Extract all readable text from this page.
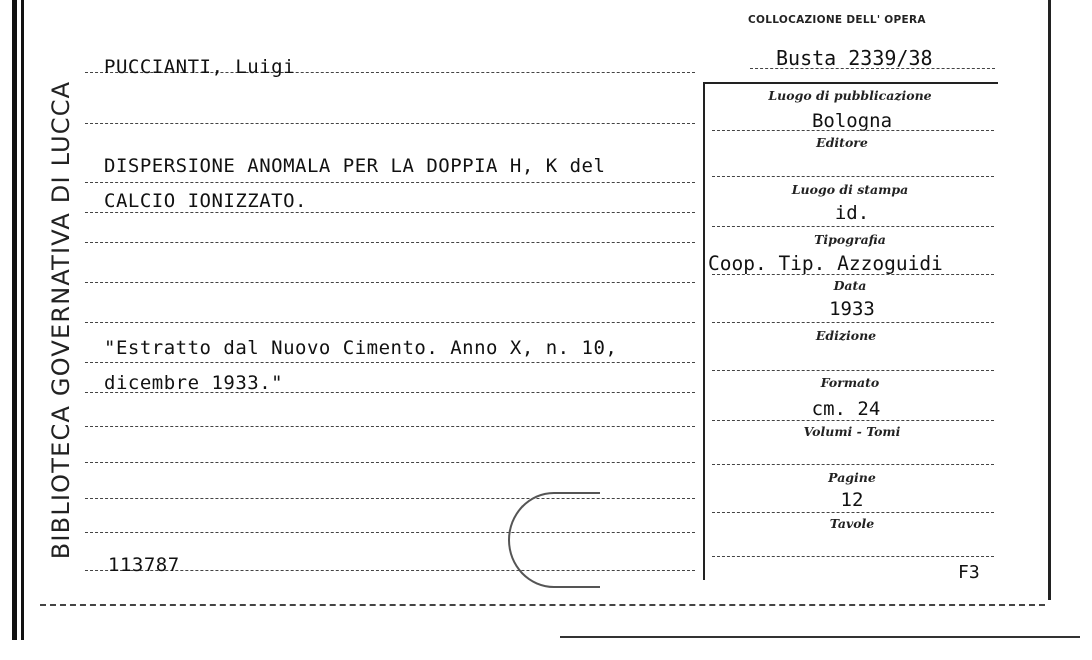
BIBLIOTECA GOVERNATIVA DI LUCCA
COLLOCAZIONE DELL' OPERA
Busta 2339/38
PUCCIANTI, Luigi
DISPERSIONE ANOMALA PER LA DOPPIA H, K del
CALCIO IONIZZATO.
"Estratto dal Nuovo Cimento. Anno X, n. 10,
dicembre 1933."
113787
Luogo di pubblicazione
Bologna
Editore
Luogo di stampa
id.
Tipografia
Coop. Tip. Azzoguidi
Data
1933
Edizione
Formato
cm. 24
Volumi - Tomi
Pagine
12
Tavole
F3
